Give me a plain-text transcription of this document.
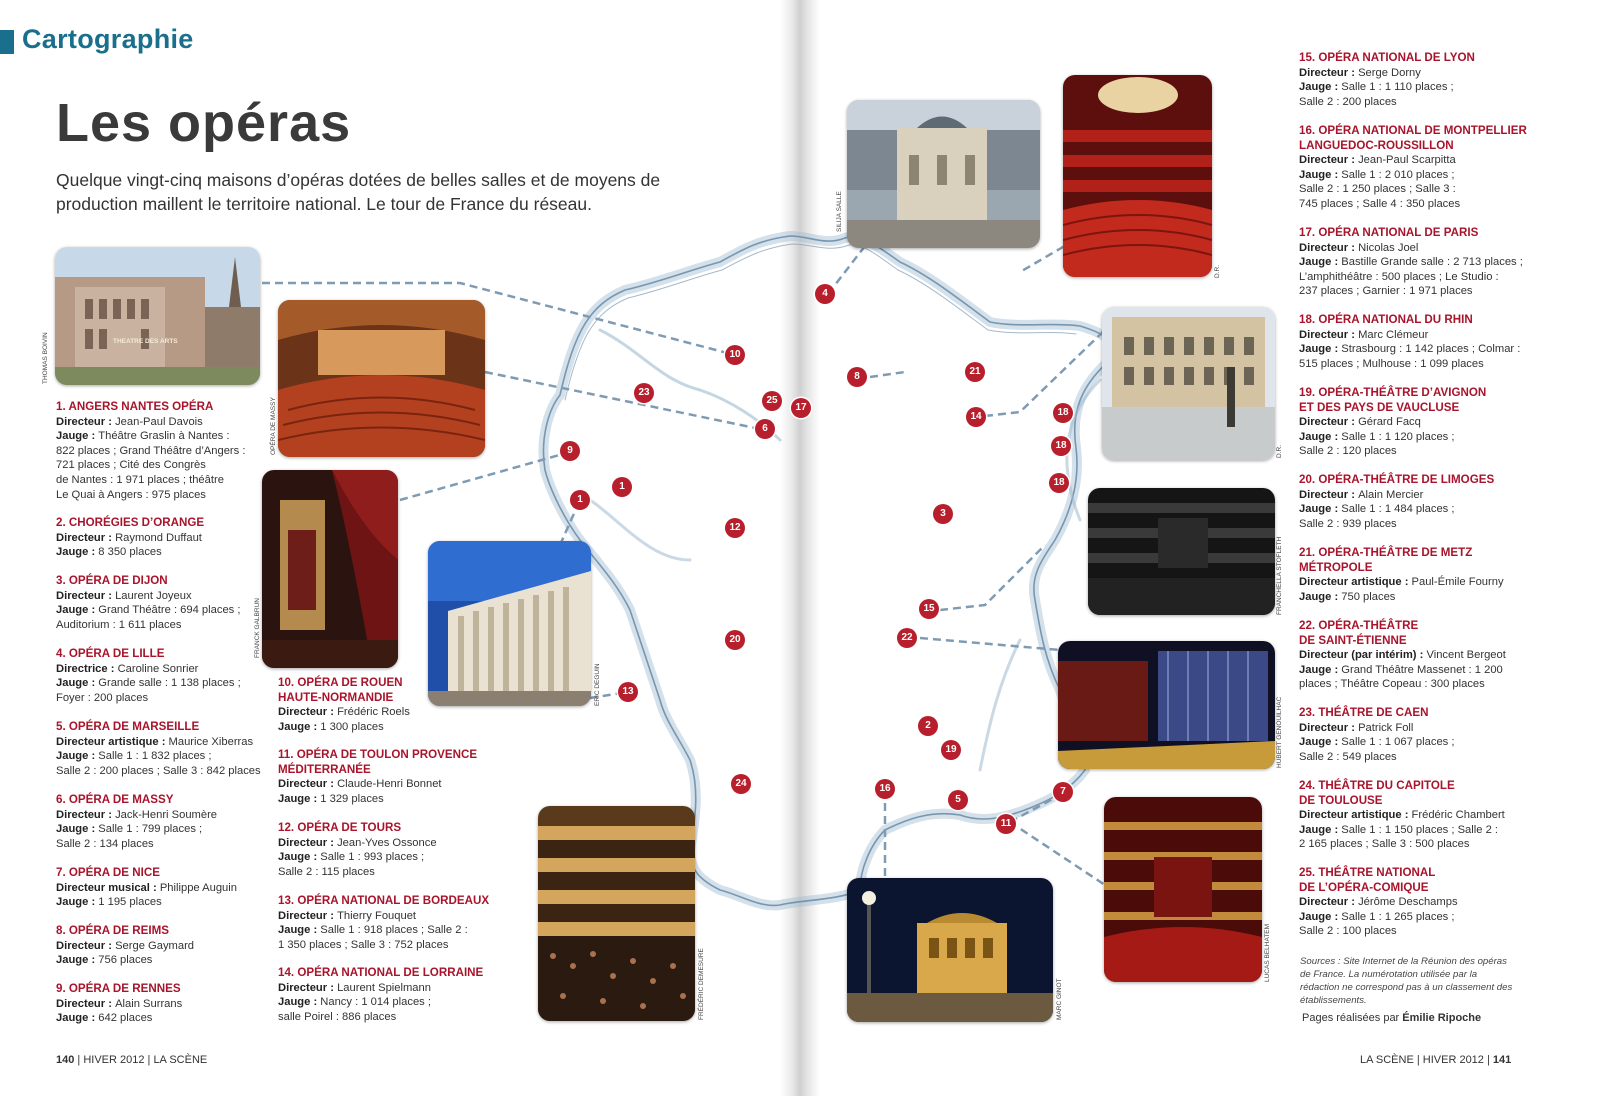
Cartographie
Les opéras
Quelque vingt-cinq maisons d’opéras dotées de belles salles et de moyens de production maillent le territoire national. Le tour de France du réseau.
THEATRE DES ARTS
THOMAS BOIVIN
OPÉRA DE MASSY
FRANCK GALBRUN
ERIC DEGUIN
FRÉDÉRIC DEMESURE
SILIJA SALLE
D.R.
D.R.
FRANCHELLA STOFLETH
HUBERT GENOUILHAC
LUCAS BELHATEM
MARC GINOT
1. ANGERS NANTES OPÉRA
Directeur : Jean-Paul Davois
Jauge : Théâtre Graslin à Nantes :
822 places ; Grand Théâtre d’Angers :
721 places ; Cité des Congrès
de Nantes : 1 971 places ; théâtre
Le Quai à Angers : 975 places
2. CHORÉGIES D’ORANGE
Directeur : Raymond Duffaut
Jauge : 8 350 places
3. OPÉRA DE DIJON
Directeur : Laurent Joyeux
Jauge : Grand Théâtre : 694 places ;
Auditorium : 1 611 places
4. OPÉRA DE LILLE
Directrice : Caroline Sonrier
Jauge : Grande salle : 1 138 places ;
Foyer : 200 places
5. OPÉRA DE MARSEILLE
Directeur artistique : Maurice Xiberras
Jauge : Salle 1 : 1 832 places ;
Salle 2 : 200 places ; Salle 3 : 842 places
6. OPÉRA DE MASSY
Directeur : Jack-Henri Soumère
Jauge : Salle 1 : 799 places ;
Salle 2 : 134 places
7. OPÉRA DE NICE
Directeur musical : Philippe Auguin
Jauge : 1 195 places
8. OPÉRA DE REIMS
Directeur : Serge Gaymard
Jauge : 756 places
9. OPÉRA DE RENNES
Directeur : Alain Surrans
Jauge : 642 places
10. OPÉRA DE ROUEN
HAUTE-NORMANDIE
Directeur : Frédéric Roels
Jauge : 1 300 places
11. OPÉRA DE TOULON PROVENCE
MÉDITERRANÉE
Directeur : Claude-Henri Bonnet
Jauge : 1 329 places
12. OPÉRA DE TOURS
Directeur : Jean-Yves Ossonce
Jauge : Salle 1 : 993 places ;
Salle 2 : 115 places
13. OPÉRA NATIONAL DE BORDEAUX
Directeur : Thierry Fouquet
Jauge : Salle 1 : 918 places ; Salle 2 :
1 350 places ; Salle 3 : 752 places
14. OPÉRA NATIONAL DE LORRAINE
Directeur : Laurent Spielmann
Jauge : Nancy : 1 014 places ;
salle Poirel : 886 places
15. OPÉRA NATIONAL DE LYON
Directeur : Serge Dorny
Jauge : Salle 1 : 1 110 places ;
Salle 2 : 200 places
16. OPÉRA NATIONAL DE MONTPELLIER
LANGUEDOC-ROUSSILLON
Directeur : Jean-Paul Scarpitta
Jauge : Salle 1 : 2 010 places ;
Salle 2 : 1 250 places ; Salle 3 :
745 places ; Salle 4 : 350 places
17. OPÉRA NATIONAL DE PARIS
Directeur : Nicolas Joel
Jauge : Bastille Grande salle : 2 713 places ;
L’amphithéâtre : 500 places ; Le Studio :
237 places ; Garnier : 1 971 places
18. OPÉRA NATIONAL DU RHIN
Directeur : Marc Clémeur
Jauge : Strasbourg : 1 142 places ; Colmar :
515 places ; Mulhouse : 1 099 places
19. OPÉRA-THÉÂTRE D’AVIGNON
ET DES PAYS DE VAUCLUSE
Directeur : Gérard Facq
Jauge : Salle 1 : 1 120 places ;
Salle 2 : 120 places
20. OPÉRA-THÉÂTRE DE LIMOGES
Directeur : Alain Mercier
Jauge : Salle 1 : 1 484 places ;
Salle 2 : 939 places
21. OPÉRA-THÉÂTRE DE METZ
MÉTROPOLE
Directeur artistique : Paul-Émile Fourny
Jauge : 750 places
22. OPÉRA-THÉÂTRE
DE SAINT-ÉTIENNE
Directeur (par intérim) : Vincent Bergeot
Jauge : Grand Théâtre Massenet : 1 200
places ; Théâtre Copeau : 300 places
23. THÉÂTRE DE CAEN
Directeur : Patrick Foll
Jauge : Salle 1 : 1 067 places ;
Salle 2 : 549 places
24. THÉÂTRE DU CAPITOLE
DE TOULOUSE
Directeur artistique : Frédéric Chambert
Jauge : Salle 1 : 1 150 places ; Salle 2 :
2 165 places ; Salle 3 : 500 places
25. THÉÂTRE NATIONAL
DE L’OPÉRA-COMIQUE
Directeur : Jérôme Deschamps
Jauge : Salle 1 : 1 265 places ;
Salle 2 : 100 places
10
23
25
17
6
9
1
1
12
20
13
24
4
8	21
14	18
18
18
3
15
22
2
19
16
5
11
7
Sources : Site Internet de la Réunion des opéras de France. La numérotation utilisée par la rédaction ne correspond pas à un classement des établissements.
Pages réalisées par Émilie Ripoche
140 | HIVER 2012 | LA SCÈNE	LA SCÈNE | HIVER 2012 | 141
